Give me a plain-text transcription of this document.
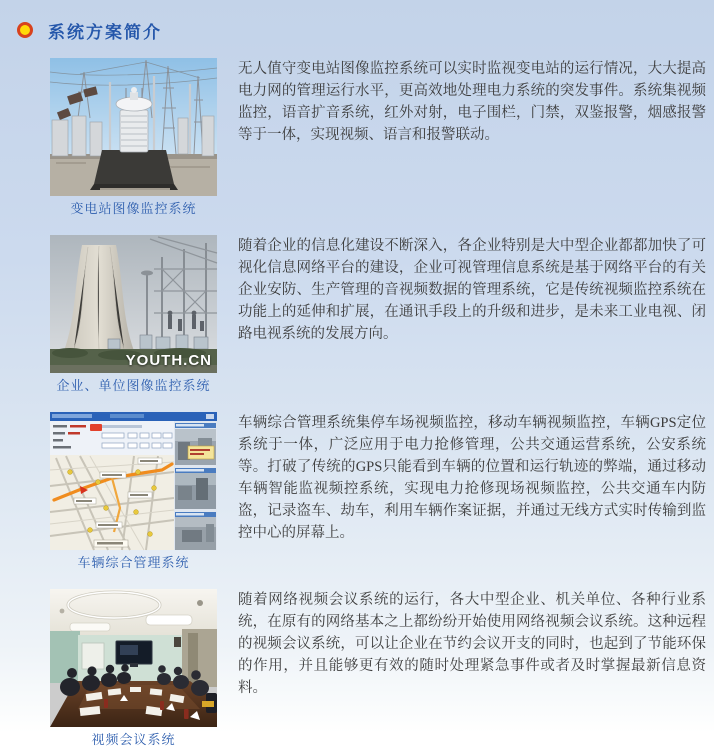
系统方案简介
变电站图像监控系统
无人值守变电站图像监控系统可以实时监视变电站的运行情况，大大提高电力网的管理运行水平，更高效地处理电力系统的突发事件。系统集视频监控，语音扩音系统，红外对射，电子围栏，门禁，双鉴报警，烟感报警等于一体，实现视频、语言和报警联动。
YOUTH.CN
企业、单位图像监控系统
随着企业的信息化建设不断深入，各企业特别是大中型企业都都加快了可视化信息网络平台的建设，企业可视管理信息系统是基于网络平台的有关企业安防、生产管理的音视频数据的管理系统，它是传统视频监控系统在功能上的延伸和扩展，在通讯手段上的升级和进步，是未来工业电视、闭路电视系统的发展方向。
车辆综合管理系统
车辆综合管理系统集停车场视频监控，移动车辆视频监控，车辆GPS定位系统于一体，广泛应用于电力抢修管理，公共交通运营系统，公安系统等。打破了传统的GPS只能看到车辆的位置和运行轨迹的弊端，通过移动车辆智能监视频控系统，实现电力抢修现场视频监控，公共交通车内防盗，记录盗车、劫车，利用车辆作案证据，并通过无线方式实时传输到监控中心的屏幕上。
视频会议系统
随着网络视频会议系统的运行，各大中型企业、机关单位、各种行业系统，在原有的网络基本之上都纷纷开始使用网络视频会议系统。这种远程的视频会议系统，可以让企业在节约会议开支的同时，也起到了节能环保的作用，并且能够更有效的随时处理紧急事件或者及时掌握最新信息资料。
